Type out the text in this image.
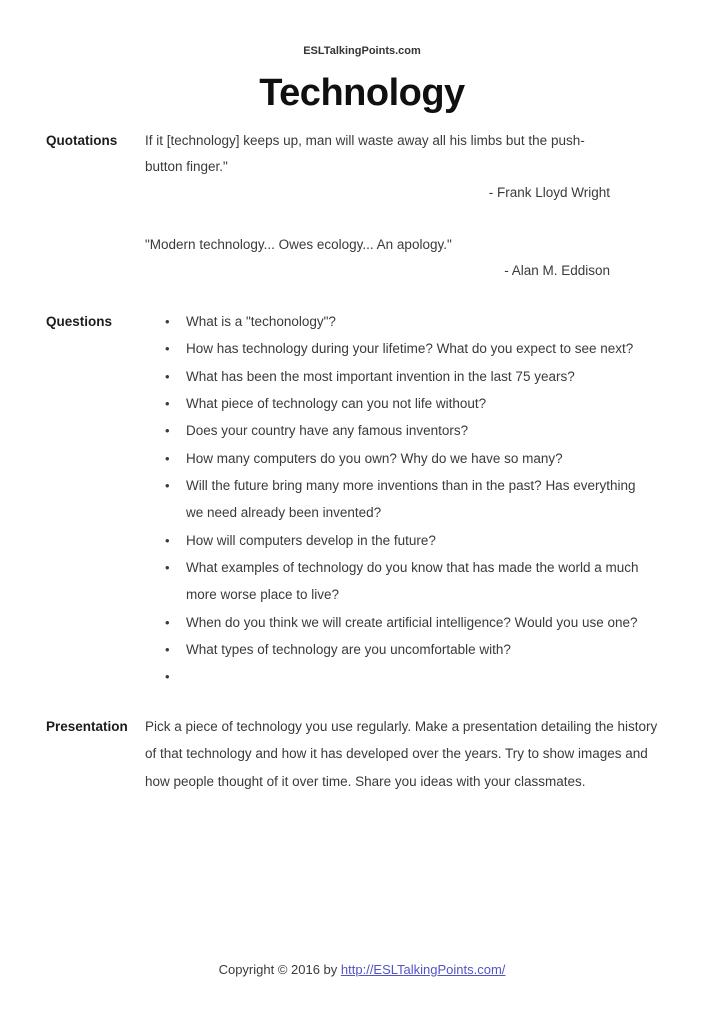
ESLTalkingPoints.com
Technology
Quotations	If it [technology] keeps up, man will waste away all his limbs but the push-
button finger."
- Frank Lloyd Wright
"Modern technology... Owes ecology... An apology."
- Alan M. Eddison
Questions	• What is a "techonology"?
• How has technology during your lifetime? What do you expect to see next?
• What has been the most important invention in the last 75 years?
• What piece of technology can you not life without?
• Does your country have any famous inventors?
• How many computers do you own? Why do we have so many?
• Will the future bring many more inventions than in the past? Has everything
we need already been invented?
• How will computers develop in the future?
• What examples of technology do you know that has made the world a much
more worse place to live?
• When do you think we will create artificial intelligence? Would you use one?
• What types of technology are you uncomfortable with?
•
Presentation	Pick a piece of technology you use regularly. Make a presentation detailing the history
of that technology and how it has developed over the years. Try to show images and
how people thought of it over time. Share you ideas with your classmates.
Copyright © 2016 by http://ESLTalkingPoints.com/
